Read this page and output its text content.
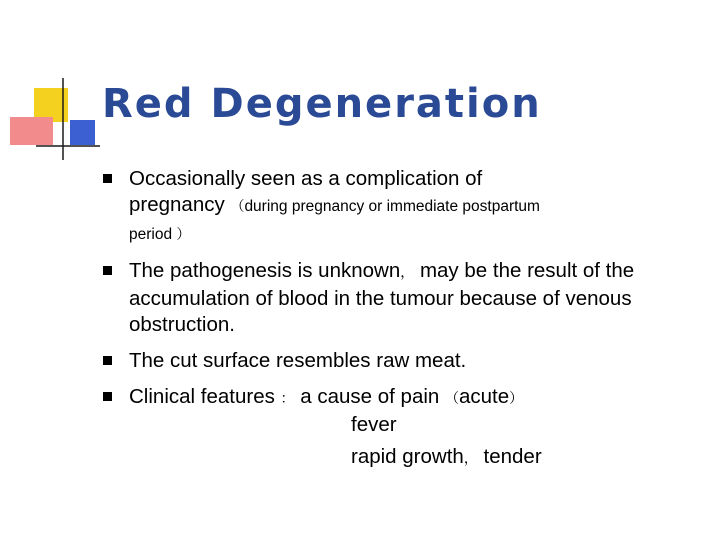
Red Degeneration
Occasionally seen as a complication of
pregnancy （during pregnancy or immediate postpartum
period ）
The pathogenesis is unknown， may be the result of the accumulation of blood in the tumour because of venous obstruction.
The cut surface resembles raw meat.
Clinical features ： a cause of pain （acute）
fever
rapid growth， tender
